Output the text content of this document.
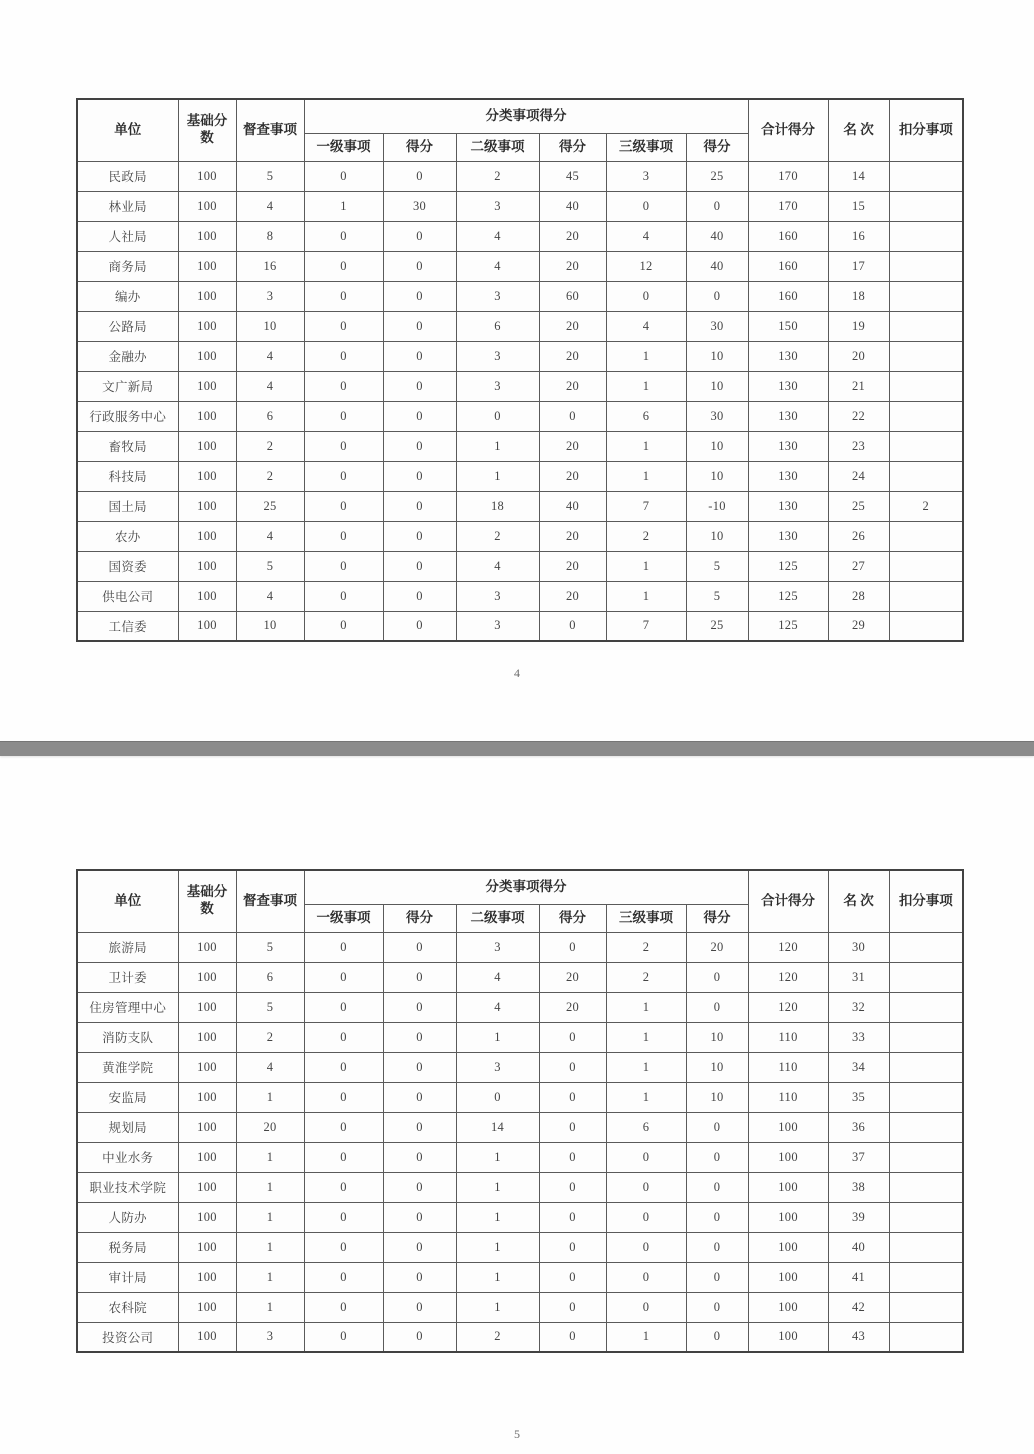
单位	基础分数	督查事项	分类事项得分						合计得分	名 次	扣分事项
			一级事项	得分	二级事项	得分	三级事项	得分			
民政局	100	5	0	0	2	45	3	25	170	14	
林业局	100	4	1	30	3	40	0	0	170	15	
人社局	100	8	0	0	4	20	4	40	160	16	
商务局	100	16	0	0	4	20	12	40	160	17	
编办	100	3	0	0	3	60	0	0	160	18	
公路局	100	10	0	0	6	20	4	30	150	19	
金融办	100	4	0	0	3	20	1	10	130	20	
文广新局	100	4	0	0	3	20	1	10	130	21	
行政服务中心	100	6	0	0	0	0	6	30	130	22	
畜牧局	100	2	0	0	1	20	1	10	130	23	
科技局	100	2	0	0	1	20	1	10	130	24	
国土局	100	25	0	0	18	40	7	-10	130	25	2
农办	100	4	0	0	2	20	2	10	130	26	
国资委	100	5	0	0	4	20	1	5	125	27	
供电公司	100	4	0	0	3	20	1	5	125	28	
工信委	100	10	0	0	3	0	7	25	125	29	
4
单位	基础分数	督查事项	分类事项得分						合计得分	名 次	扣分事项
			一级事项	得分	二级事项	得分	三级事项	得分			
旅游局	100	5	0	0	3	0	2	20	120	30	
卫计委	100	6	0	0	4	20	2	0	120	31	
住房管理中心	100	5	0	0	4	20	1	0	120	32	
消防支队	100	2	0	0	1	0	1	10	110	33	
黄淮学院	100	4	0	0	3	0	1	10	110	34	
安监局	100	1	0	0	0	0	1	10	110	35	
规划局	100	20	0	0	14	0	6	0	100	36	
中业水务	100	1	0	0	1	0	0	0	100	37	
职业技术学院	100	1	0	0	1	0	0	0	100	38	
人防办	100	1	0	0	1	0	0	0	100	39	
税务局	100	1	0	0	1	0	0	0	100	40	
审计局	100	1	0	0	1	0	0	0	100	41	
农科院	100	1	0	0	1	0	0	0	100	42	
投资公司	100	3	0	0	2	0	1	0	100	43	
5
